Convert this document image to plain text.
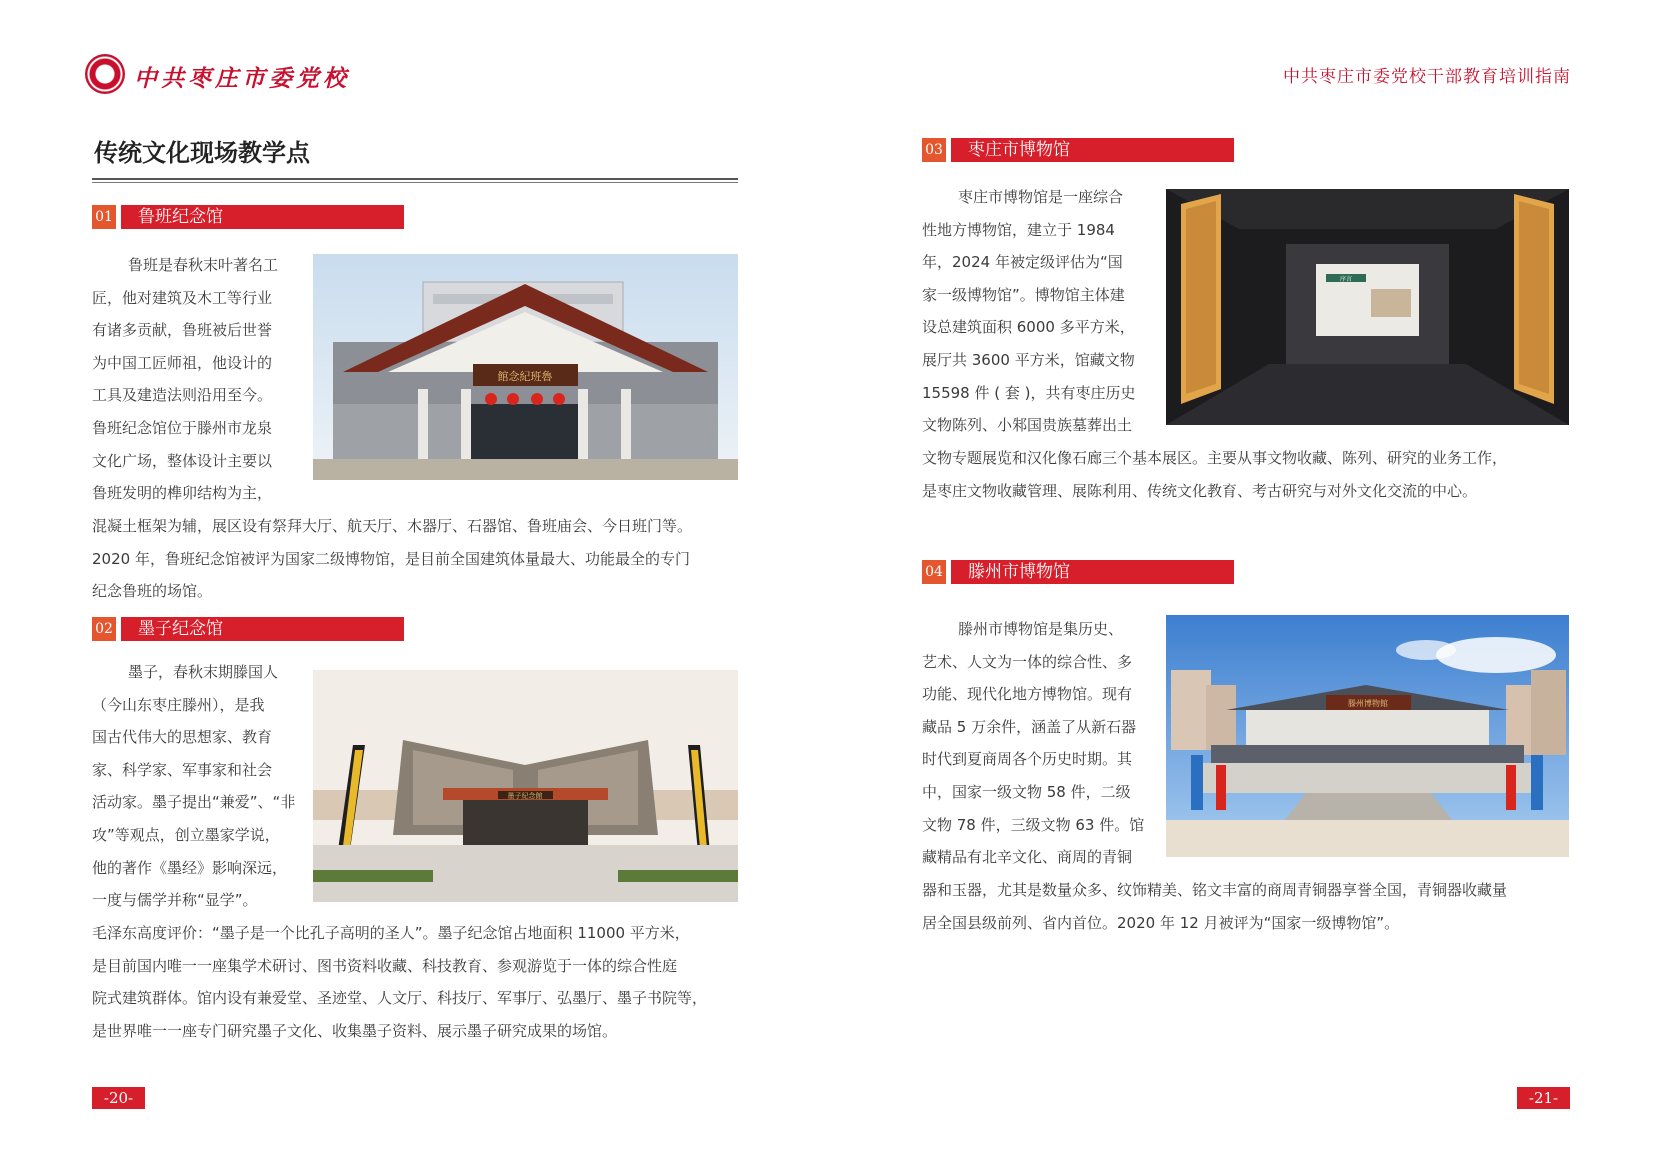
中共枣庄市委党校	中共枣庄市委党校干部教育培训指南
传统文化现场教学点
01	鲁班纪念馆
鲁班是春秋末叶著名工
匠，他对建筑及木工等行业
有诸多贡献，鲁班被后世誉
为中国工匠师祖，他设计的
工具及建造法则沿用至今。
鲁班纪念馆位于滕州市龙泉
文化广场，整体设计主要以
鲁班发明的榫卯结构为主，
混凝土框架为辅，展区设有祭拜大厅、航天厅、木器厅、石器馆、鲁班庙会、今日班门等。
2020 年，鲁班纪念馆被评为国家二级博物馆，是目前全国建筑体量最大、功能最全的专门
纪念鲁班的场馆。
館念紀班魯
02	墨子纪念馆
墨子，春秋末期滕国人
（今山东枣庄滕州），是我
国古代伟大的思想家、教育
家、科学家、军事家和社会
活动家。墨子提出“兼爱”、“非
攻”等观点，创立墨家学说，
他的著作《墨经》影响深远，
一度与儒学并称“显学”。
毛泽东高度评价：“墨子是一个比孔子高明的圣人”。墨子纪念馆占地面积 11000 平方米，
是目前国内唯一一座集学术研讨、图书资料收藏、科技教育、参观游览于一体的综合性庭
院式建筑群体。馆内设有兼爱堂、圣迹堂、人文厅、科技厅、军事厅、弘墨厅、墨子书院等，
是世界唯一一座专门研究墨子文化、收集墨子资料、展示墨子研究成果的场馆。
墨子紀念館
-20-
03	枣庄市博物馆
枣庄市博物馆是一座综合
性地方博物馆，建立于 1984
年，2024 年被定级评估为“国
家一级博物馆”。博物馆主体建
设总建筑面积 6000 多平方米，
展厅共 3600 平方米，馆藏文物
15598 件 ( 套 )，共有枣庄历史
文物陈列、小邾国贵族墓葬出土
文物专题展览和汉化像石廊三个基本展区。主要从事文物收藏、陈列、研究的业务工作，
是枣庄文物收藏管理、展陈利用、传统文化教育、考古研究与对外文化交流的中心。
序言
04	滕州市博物馆
滕州市博物馆是集历史、
艺术、人文为一体的综合性、多
功能、现代化地方博物馆。现有
藏品 5 万余件，涵盖了从新石器
时代到夏商周各个历史时期。其
中，国家一级文物 58 件，二级
文物 78 件，三级文物 63 件。馆
藏精品有北辛文化、商周的青铜
器和玉器，尤其是数量众多、纹饰精美、铭文丰富的商周青铜器享誉全国，青铜器收藏量
居全国县级前列、省内首位。2020 年 12 月被评为“国家一级博物馆”。
滕州博物館
-21-
